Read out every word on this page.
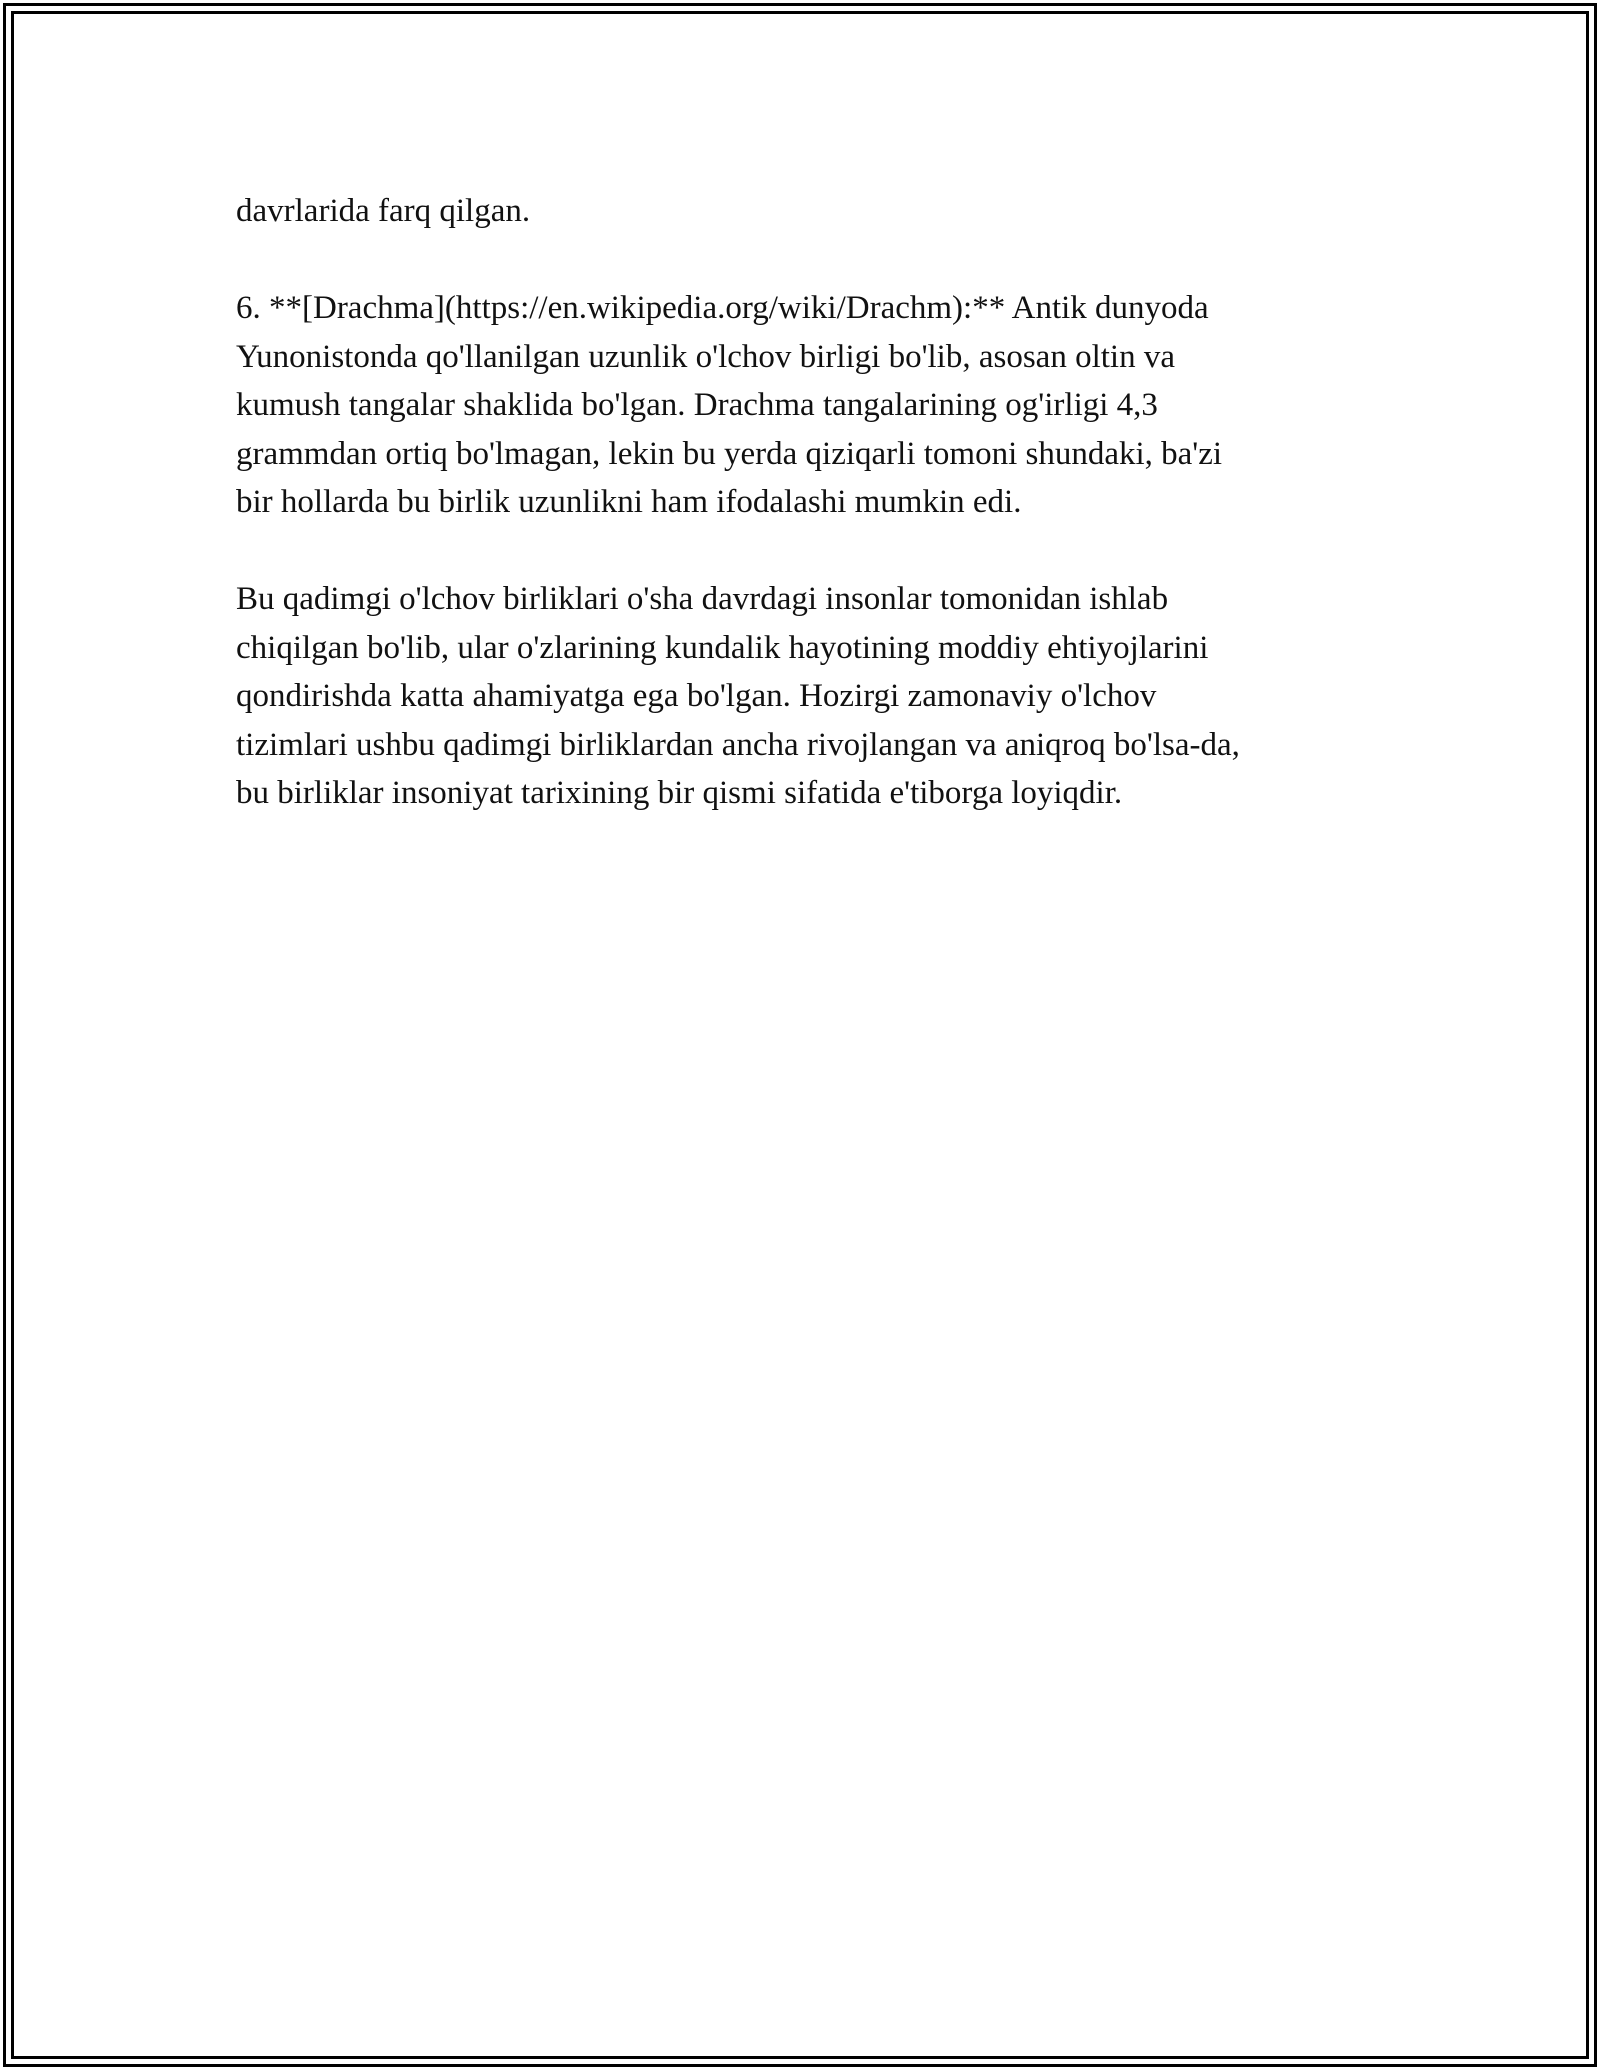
davrlarida farq qilgan.

6. **[Drachma](https://en.wikipedia.org/wiki/Drachm):** Antik dunyoda
Yunonistonda qo'llanilgan uzunlik o'lchov birligi bo'lib, asosan oltin va
kumush tangalar shaklida bo'lgan. Drachma tangalarining og'irligi 4,3
grammdan ortiq bo'lmagan, lekin bu yerda qiziqarli tomoni shundaki, ba'zi
bir hollarda bu birlik uzunlikni ham ifodalashi mumkin edi.

Bu qadimgi o'lchov birliklari o'sha davrdagi insonlar tomonidan ishlab
chiqilgan bo'lib, ular o'zlarining kundalik hayotining moddiy ehtiyojlarini
qondirishda katta ahamiyatga ega bo'lgan. Hozirgi zamonaviy o'lchov
tizimlari ushbu qadimgi birliklardan ancha rivojlangan va aniqroq bo'lsa-da,
bu birliklar insoniyat tarixining bir qismi sifatida e'tiborga loyiqdir.
